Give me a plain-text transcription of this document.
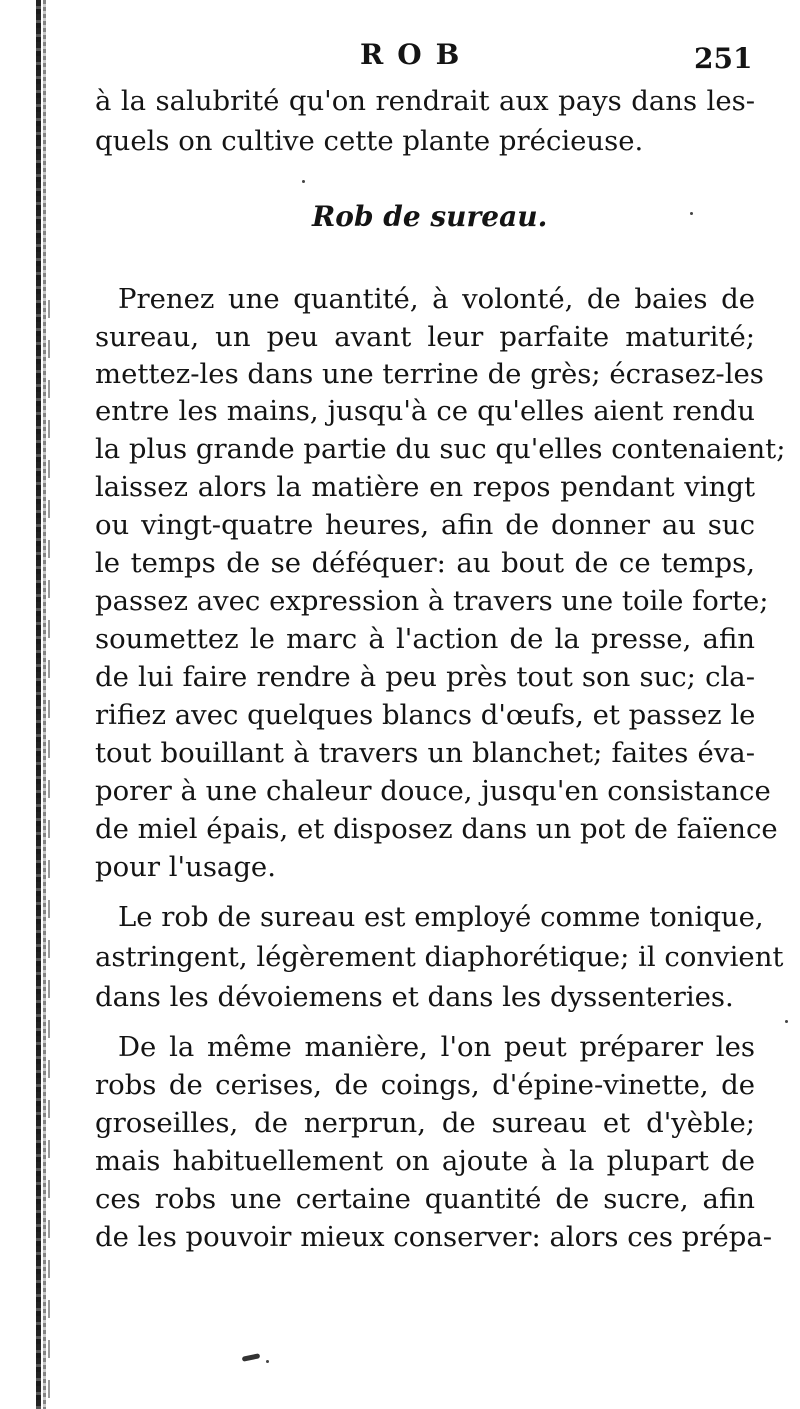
ROB	251
à la salubrité qu'on rendrait aux pays dans les-
quels on cultive cette plante précieuse.
Rob de sureau.
Prenez une quantité, à volonté, de baies de
sureau, un peu avant leur parfaite maturité;
mettez-les dans une terrine de grès; écrasez-les
entre les mains, jusqu'à ce qu'elles aient rendu
la plus grande partie du suc qu'elles contenaient;
laissez alors la matière en repos pendant vingt
ou vingt-quatre heures, afin de donner au suc
le temps de se déféquer: au bout de ce temps,
passez avec expression à travers une toile forte;
soumettez le marc à l'action de la presse, afin
de lui faire rendre à peu près tout son suc; cla-
rifiez avec quelques blancs d'œufs, et passez le
tout bouillant à travers un blanchet; faites éva-
porer à une chaleur douce, jusqu'en consistance
de miel épais, et disposez dans un pot de faïence
pour l'usage.
Le rob de sureau est employé comme tonique,
astringent, légèrement diaphorétique; il convient
dans les dévoiemens et dans les dyssenteries.
De la même manière, l'on peut préparer les
robs de cerises, de coings, d'épine-vinette, de
groseilles, de nerprun, de sureau et d'yèble;
mais habituellement on ajoute à la plupart de
ces robs une certaine quantité de sucre, afin
de les pouvoir mieux conserver: alors ces prépa-
